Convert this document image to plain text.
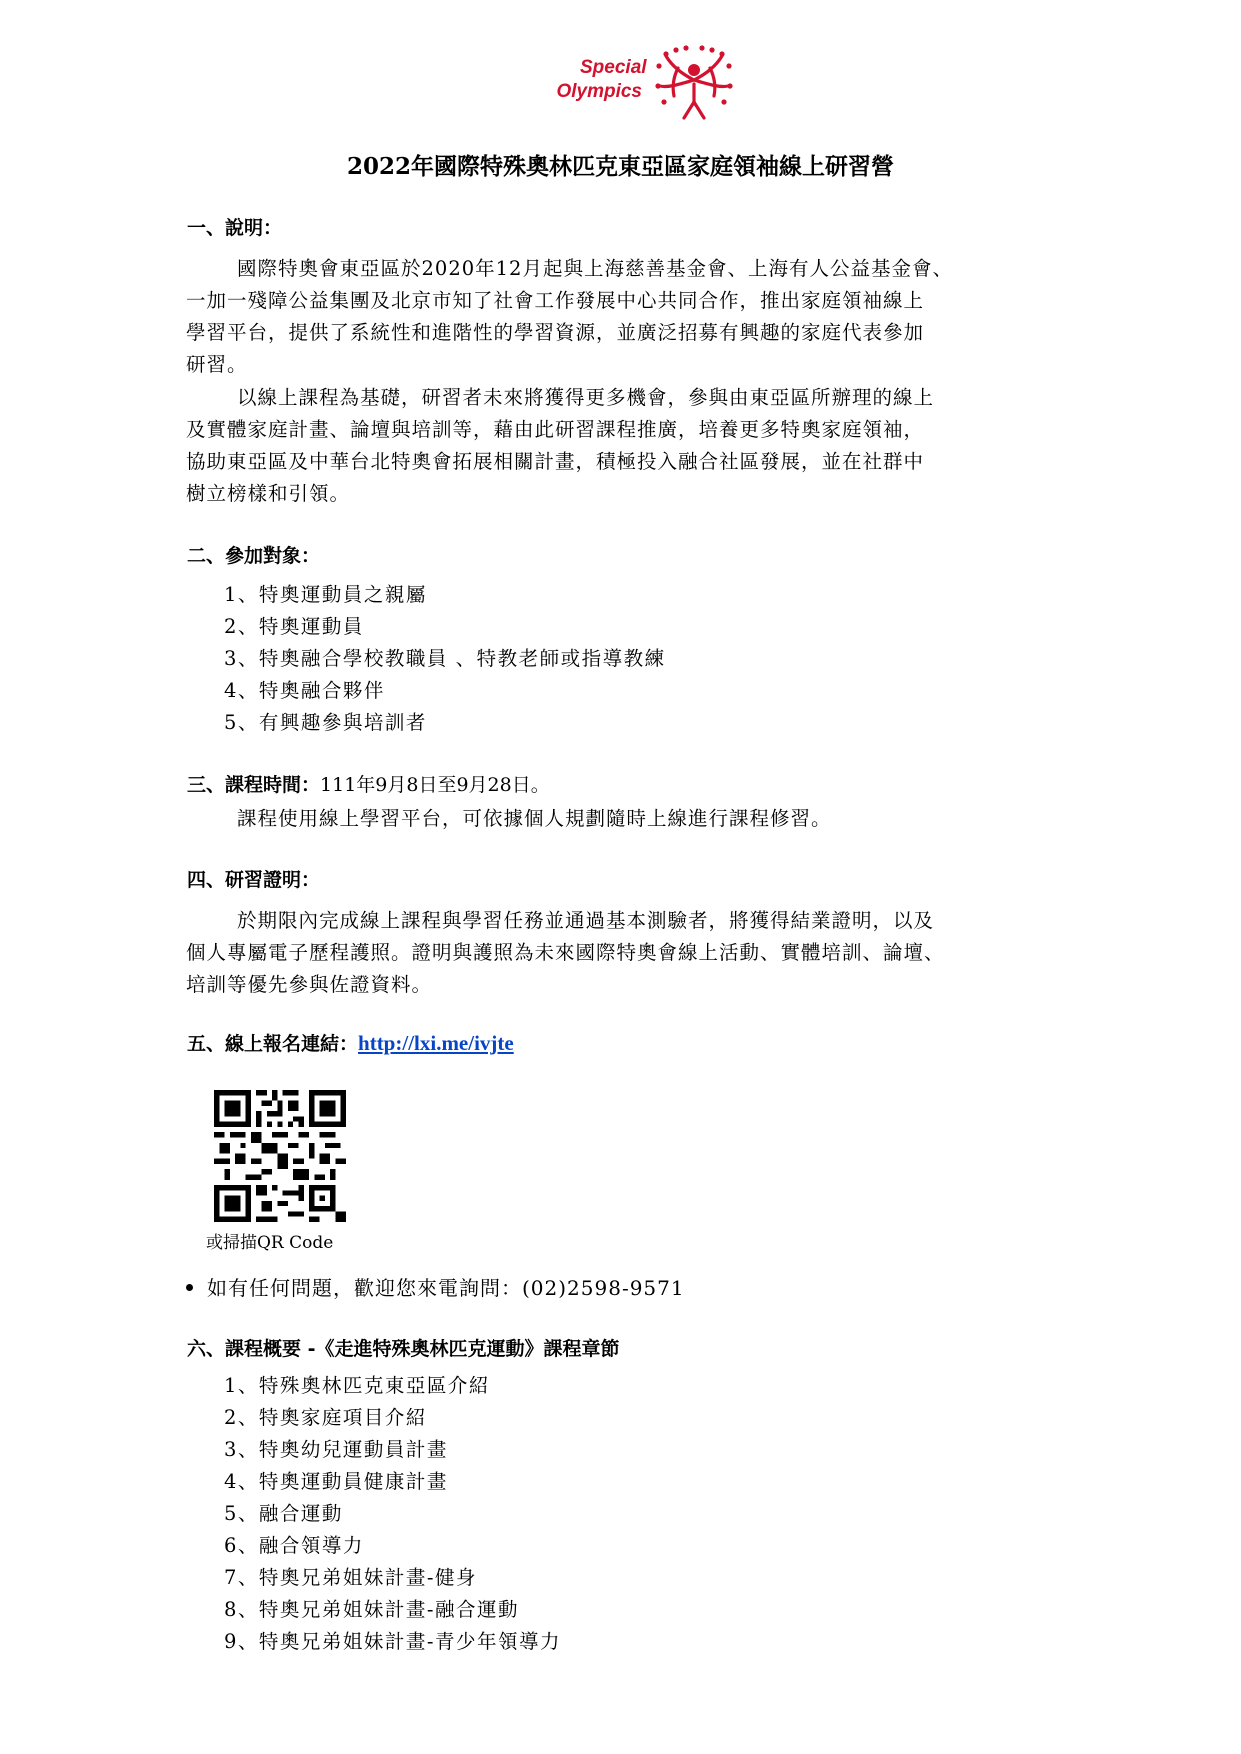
Special
Olympics
2022年國際特殊奧林匹克東亞區家庭領袖線上研習營
一、說明：
國際特奧會東亞區於2020年12月起與上海慈善基金會、上海有人公益基金會、
一加一殘障公益集團及北京市知了社會工作發展中心共同合作，推出家庭領袖線上
學習平台，提供了系統性和進階性的學習資源，並廣泛招募有興趣的家庭代表參加
研習。
以線上課程為基礎，研習者未來將獲得更多機會，參與由東亞區所辦理的線上
及實體家庭計畫、論壇與培訓等，藉由此研習課程推廣，培養更多特奧家庭領袖，
協助東亞區及中華台北特奧會拓展相關計畫，積極投入融合社區發展，並在社群中
樹立榜樣和引領。
二、參加對象：
1、特奧運動員之親屬
2、特奧運動員
3、特奧融合學校教職員 、特教老師或指導教練
4、特奧融合夥伴
5、有興趣參與培訓者
三、課程時間：111年9月8日至9月28日。
課程使用線上學習平台，可依據個人規劃隨時上線進行課程修習。
四、研習證明：
於期限內完成線上課程與學習任務並通過基本測驗者，將獲得結業證明，以及
個人專屬電子歷程護照。證明與護照為未來國際特奧會線上活動、實體培訓、論壇、
培訓等優先參與佐證資料。
五、線上報名連結：http://lxi.me/ivjte
或掃描QR Code
如有任何問題，歡迎您來電詢問：(02)2598-9571
六、課程概要 -《走進特殊奧林匹克運動》課程章節
1、特殊奧林匹克東亞區介紹
2、特奧家庭項目介紹
3、特奧幼兒運動員計畫
4、特奧運動員健康計畫
5、融合運動
6、融合領導力
7、特奧兄弟姐妹計畫-健身
8、特奧兄弟姐妹計畫-融合運動
9、特奧兄弟姐妹計畫-青少年領導力
